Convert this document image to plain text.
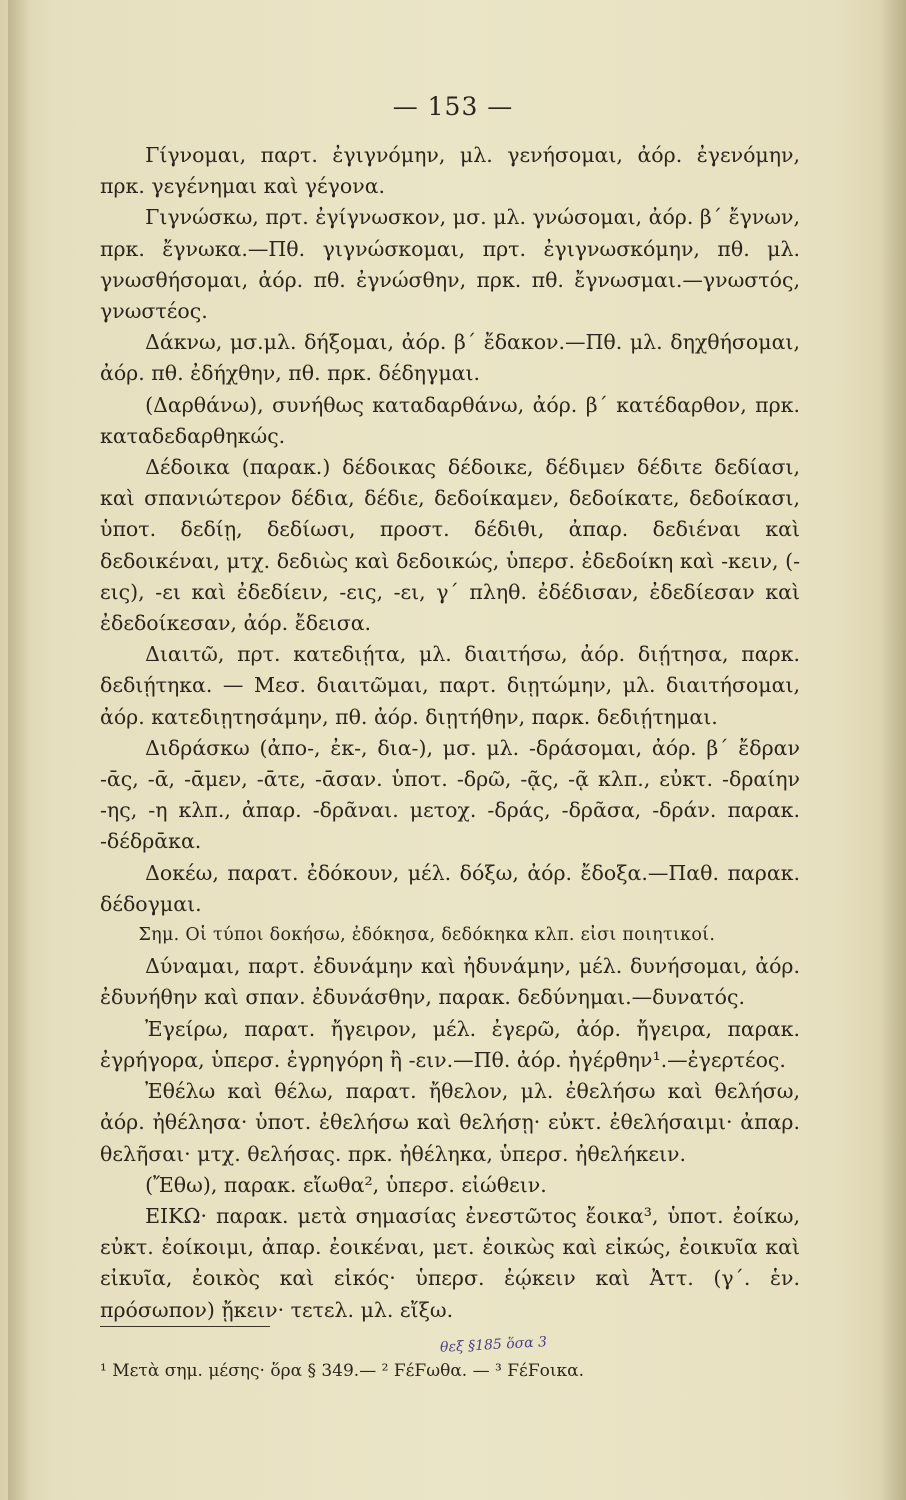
— 153 —

Γίγνομαι, παρτ. ἐγιγνόμην, μλ. γενήσομαι, ἀόρ. ἐγενόμην, πρκ. γεγένημαι καὶ γέγονα.

Γιγνώσκω, πρτ. ἐγίγνωσκον, μσ. μλ. γνώσομαι, ἀόρ. β΄ ἔγνων, πρκ. ἔγνωκα.—Πθ. γιγνώσκομαι, πρτ. ἐγιγνωσκόμην, πθ. μλ. γνωσθήσομαι, ἀόρ. πθ. ἐγνώσθην, πρκ. πθ. ἔγνωσμαι.—γνωστός, γνωστέος.

Δάκνω, μσ.μλ. δήξομαι, ἀόρ. β΄ ἔδακον.—Πθ. μλ. δηχθήσομαι, ἀόρ. πθ. ἐδήχθην, πθ. πρκ. δέδηγμαι.

(Δαρθάνω), συνήθως καταδαρθάνω, ἀόρ. β΄ κατέδαρθον, πρκ. καταδεδαρθηκώς.

Δέδοικα (παρακ.) δέδοικας δέδοικε, δέδιμεν δέδιτε δεδίασι, καὶ σπανιώτερον δέδια, δέδιε, δεδοίκαμεν, δεδοίκατε, δεδοίκασι, ὑποτ. δεδίῃ, δεδίωσι, προστ. δέδιθι, ἀπαρ. δεδιέναι καὶ δεδοικέναι, μτχ. δεδιὼς καὶ δεδοικώς, ὑπερσ. ἐδεδοίκη καὶ -κειν, (-εις), -ει καὶ ἐδεδίειν, -εις, -ει, γ΄ πληθ. ἐδέδισαν, ἐδεδίεσαν καὶ ἐδεδοίκεσαν, ἀόρ. ἔδεισα.

Διαιτῶ, πρτ. κατεδιῄτα, μλ. διαιτήσω, ἀόρ. διῄτησα, παρκ. δεδιῄτηκα. — Μεσ. διαιτῶμαι, παρτ. διῃτώμην, μλ. διαιτήσομαι, ἀόρ. κατεδιῃτησάμην, πθ. ἀόρ. διῃτήθην, παρκ. δεδιῄτημαι.

Διδράσκω (ἀπο-, ἐκ-, δια-), μσ. μλ. -δράσομαι, ἀόρ. β΄ ἔδραν -ᾱς, -ᾱ, -ᾱμεν, -ᾱτε, -ᾱσαν. ὑποτ. -δρῶ, -ᾷς, -ᾷ κλπ., εὐκτ. -δραίην -ης, -η κλπ., ἀπαρ. -δρᾶναι. μετοχ. -δράς, -δρᾶσα, -δράν. παρακ. -δέδρᾱκα.

Δοκέω, παρατ. ἐδόκουν, μέλ. δόξω, ἀόρ. ἔδοξα.—Παθ. παρακ. δέδογμαι.

Σημ. Οἱ τύποι δοκήσω, ἐδόκησα, δεδόκηκα κλπ. εἰσι ποιητικοί.

Δύναμαι, παρτ. ἐδυνάμην καὶ ἠδυνάμην, μέλ. δυνήσομαι, ἀόρ. ἐδυνήθην καὶ σπαν. ἐδυνάσθην, παρακ. δεδύνημαι.—δυνατός.

Ἐγείρω, παρατ. ἤγειρον, μέλ. ἐγερῶ, ἀόρ. ἤγειρα, παρακ. ἐγρήγορα, ὑπερσ. ἐγρηγόρη ἢ -ειν.—Πθ. ἀόρ. ἠγέρθην¹.—ἐγερτέος.

Ἐθέλω καὶ θέλω, παρατ. ἤθελον, μλ. ἐθελήσω καὶ θελήσω, ἀόρ. ἠθέλησα· ὑποτ. ἐθελήσω καὶ θελήσῃ· εὐκτ. ἐθελήσαιμι· ἀπαρ. θελῆσαι· μτχ. θελήσας. πρκ. ἠθέληκα, ὑπερσ. ἠθελήκειν.

(Ἔθω), παρακ. εἴωθα², ὑπερσ. εἰώθειν.

ΕΙΚΩ· παρακ. μετὰ σημασίας ἐνεστῶτος ἔοικα³, ὑποτ. ἐοίκω, εὐκτ. ἐοίκοιμι, ἀπαρ. ἐοικέναι, μετ. ἐοικὼς καὶ εἰκώς, ἐοικυῖα καὶ εἰκυῖα, ἐοικὸς καὶ εἰκός· ὑπερσ. ἐῴκειν καὶ Ἀττ. (γ΄. ἑν. πρόσωπον) ᾔκειν· τετελ. μλ. εἴξω.

θεξ §185 ὅσα 3
¹ Μετὰ σημ. μέσης· ὅρα § 349.— ² ϜέϜωθα. — ³ ϜέϜοικα.
